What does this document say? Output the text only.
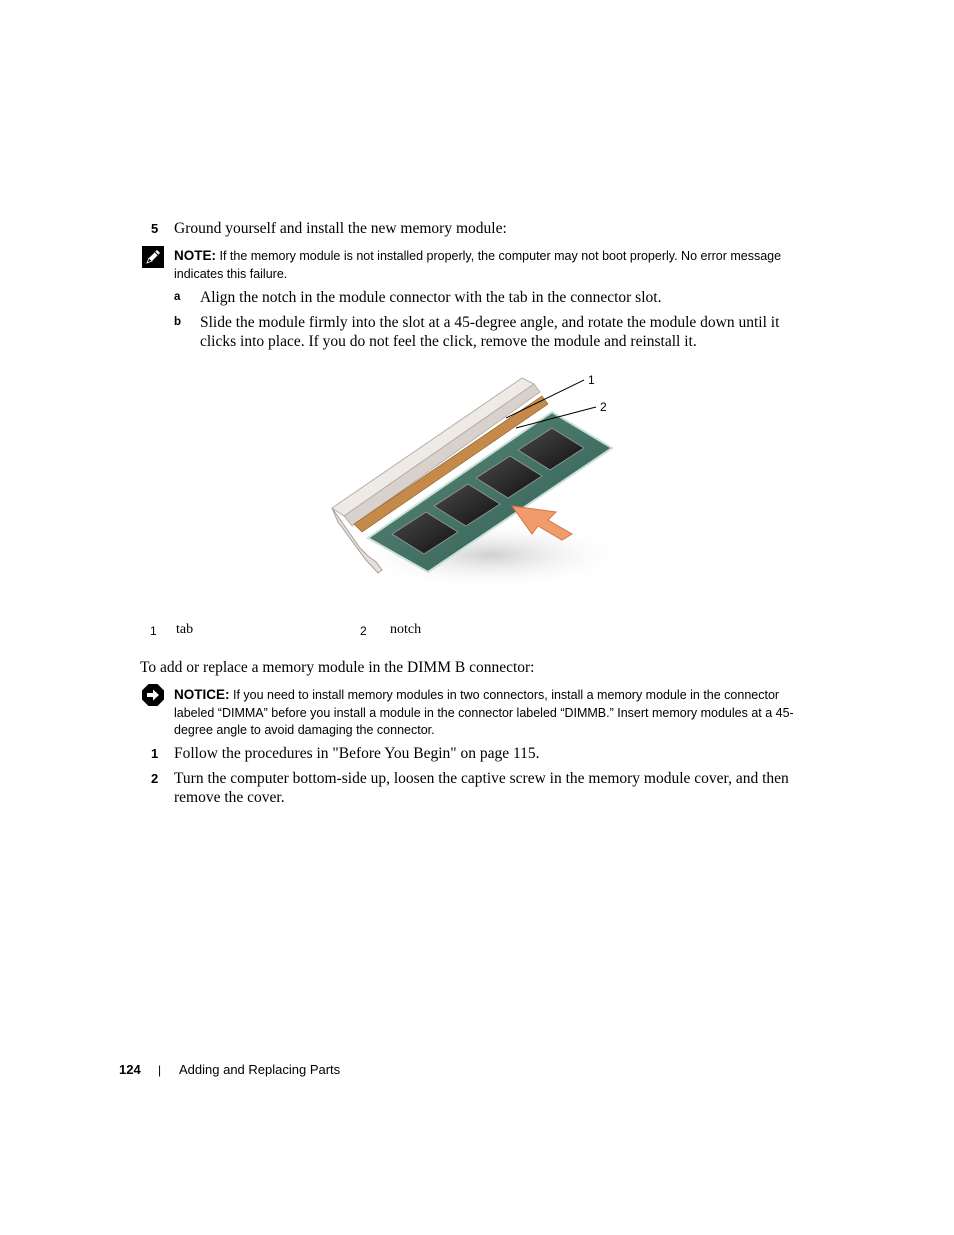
5 Ground yourself and install the new memory module:
NOTE: If the memory module is not installed properly, the computer may not boot properly. No error message indicates this failure.
a Align the notch in the module connector with the tab in the connector slot.
b Slide the module firmly into the slot at a 45-degree angle, and rotate the module down until it clicks into place. If you do not feel the click, remove the module and reinstall it.
1
2
1 tab	2 notch
To add or replace a memory module in the DIMM B connector:
NOTICE: If you need to install memory modules in two connectors, install a memory module in the connector labeled “DIMMA” before you install a module in the connector labeled “DIMMB.” Insert memory modules at a 45-degree angle to avoid damaging the connector.
1 Follow the procedures in "Before You Begin" on page 115.
2 Turn the computer bottom-side up, loosen the captive screw in the memory module cover, and then remove the cover.
124 | Adding and Replacing Parts
